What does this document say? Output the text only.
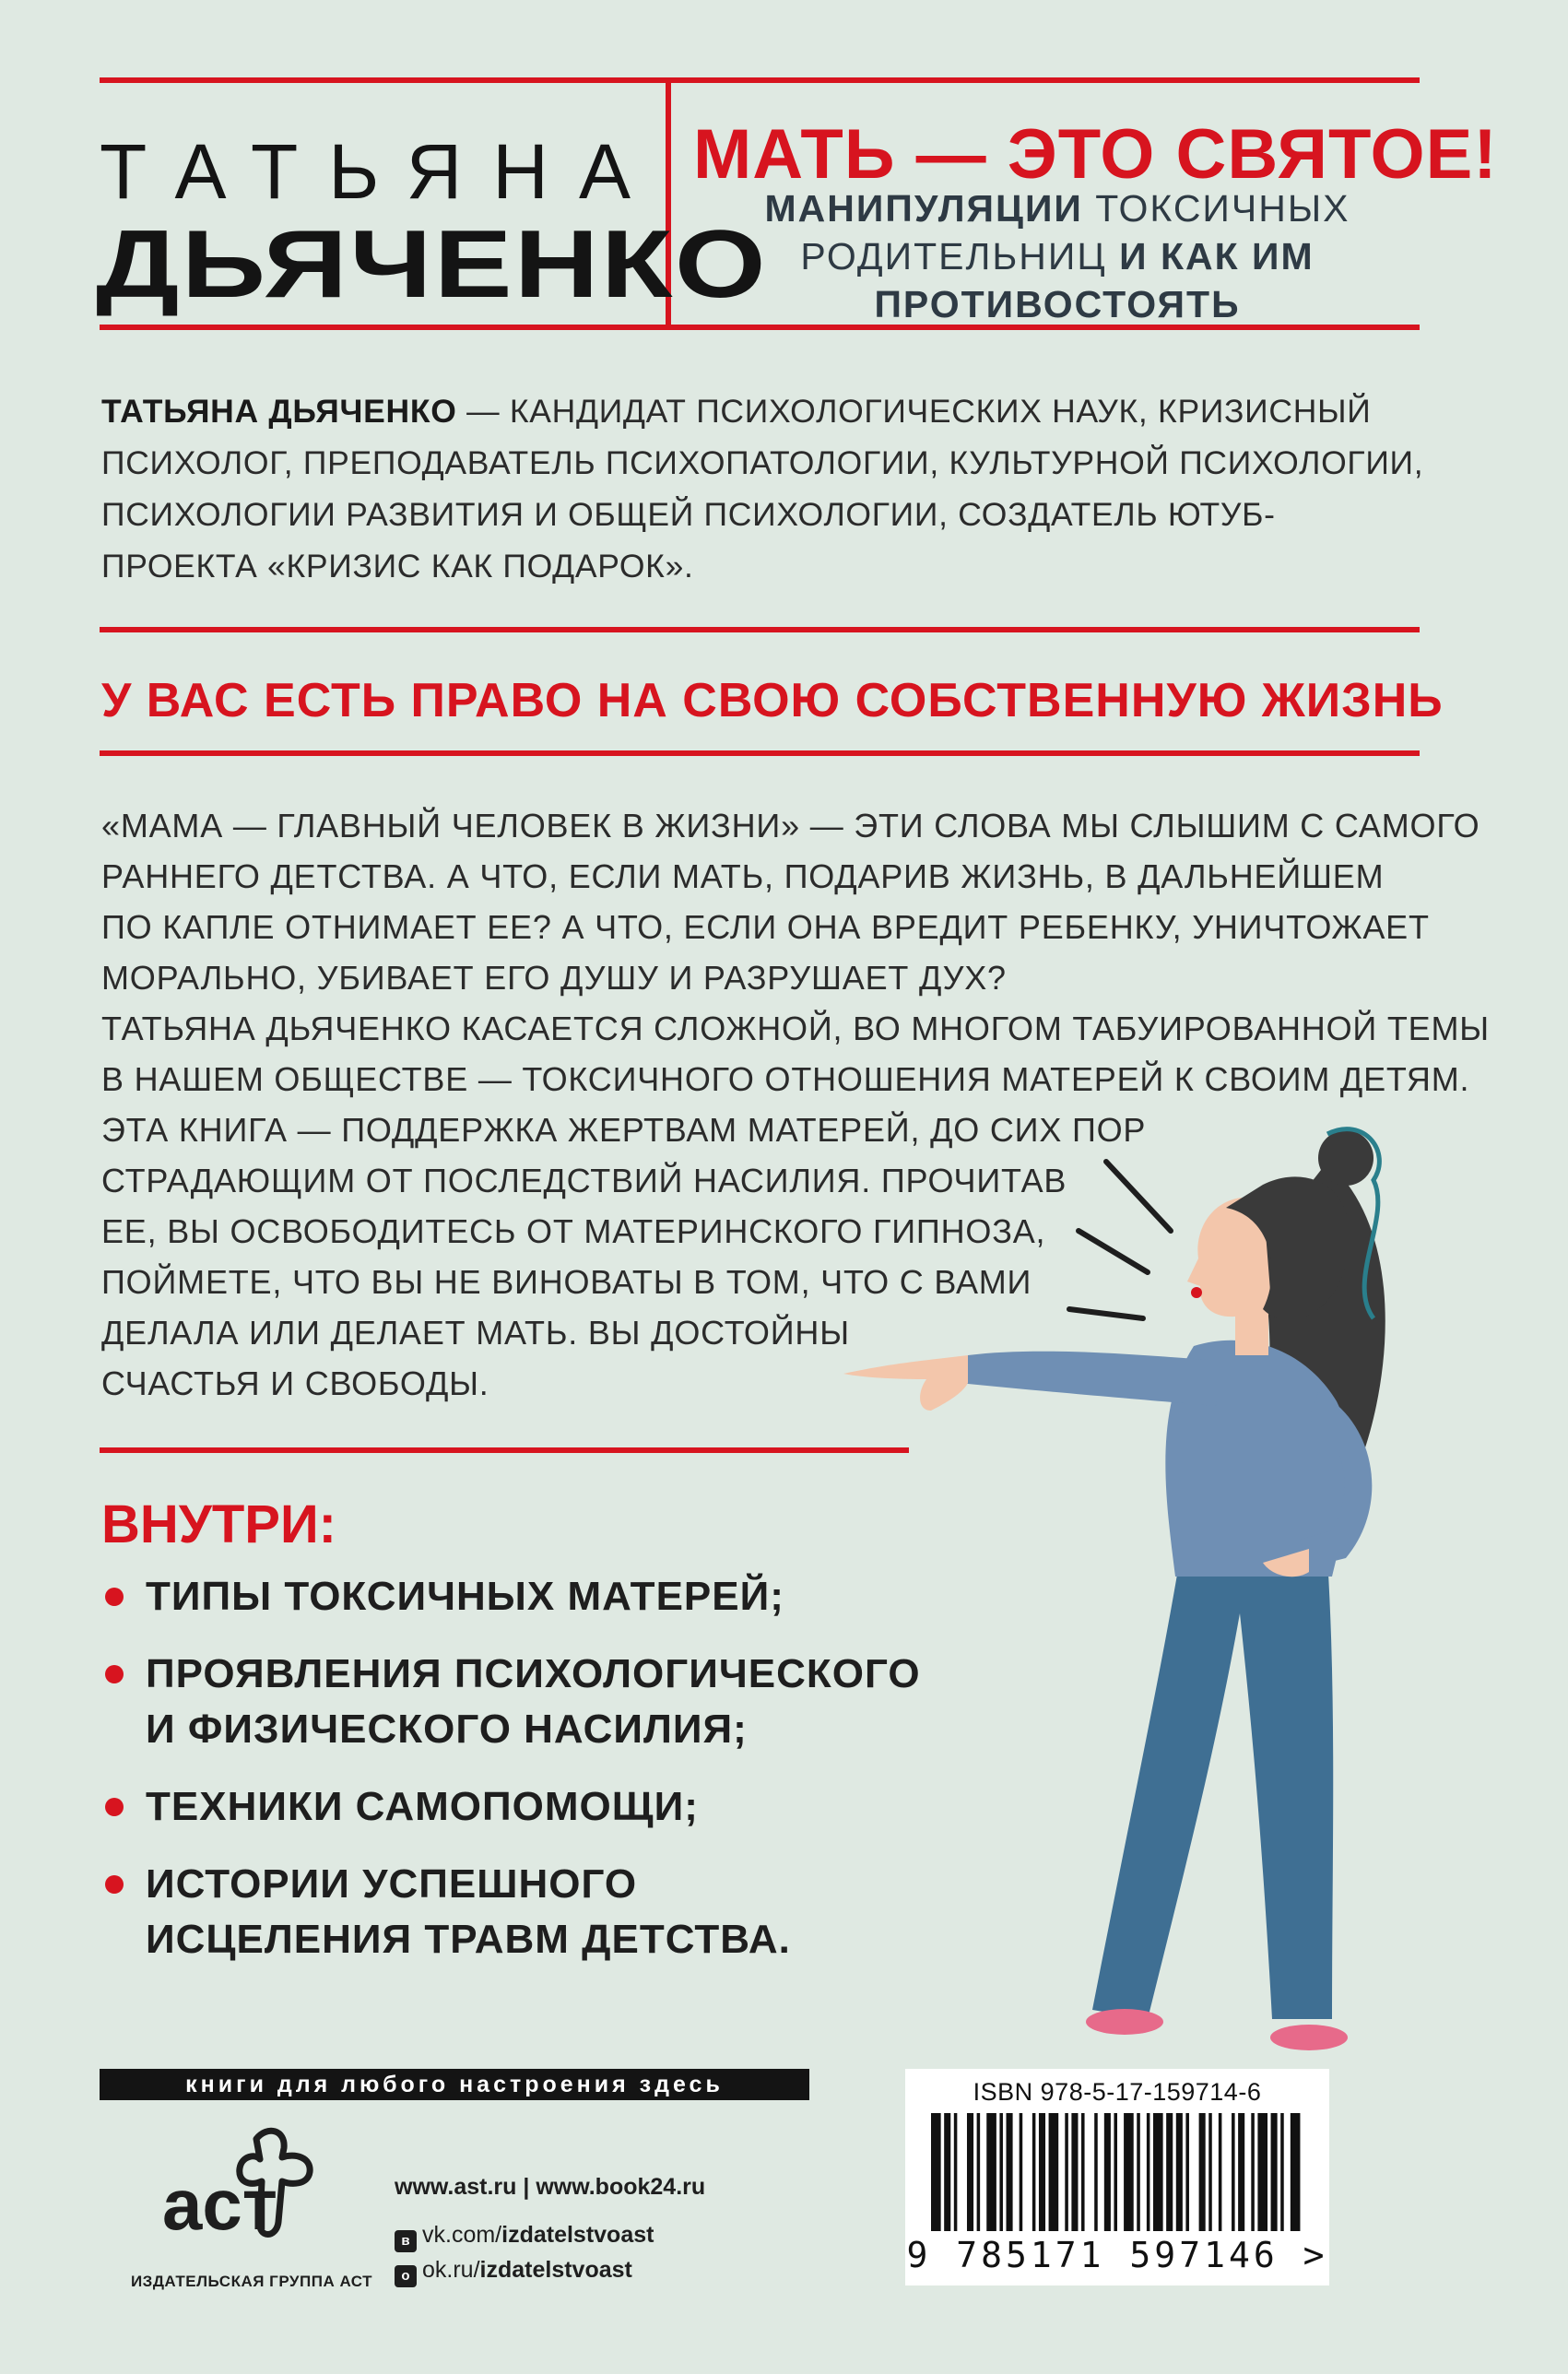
ТАТЬЯНА
ДЬЯЧЕНКО
МАТЬ — ЭТО СВЯТОЕ!
МАНИПУЛЯЦИИ ТОКСИЧНЫХ
РОДИТЕЛЬНИЦ И КАК ИМ
ПРОТИВОСТОЯТЬ
ТАТЬЯНА ДЬЯЧЕНКО — КАНДИДАТ ПСИХОЛОГИЧЕСКИХ НАУК, КРИЗИСНЫЙ ПСИХОЛОГ, ПРЕПОДАВАТЕЛЬ ПСИХОПАТОЛОГИИ, КУЛЬТУРНОЙ ПСИХОЛОГИИ, ПСИХОЛОГИИ РАЗВИТИЯ И ОБЩЕЙ ПСИХОЛОГИИ, СОЗДАТЕЛЬ ЮТУБ-ПРОЕКТА «КРИЗИС КАК ПОДАРОК».
У ВАС ЕСТЬ ПРАВО НА СВОЮ СОБСТВЕННУЮ ЖИЗНЬ
«МАМА — ГЛАВНЫЙ ЧЕЛОВЕК В ЖИЗНИ» — ЭТИ СЛОВА МЫ СЛЫШИМ С САМОГО
РАННЕГО ДЕТСТВА. А ЧТО, ЕСЛИ МАТЬ, ПОДАРИВ ЖИЗНЬ, В ДАЛЬНЕЙШЕМ
ПО КАПЛЕ ОТНИМАЕТ ЕЕ? А ЧТО, ЕСЛИ ОНА ВРЕДИТ РЕБЕНКУ, УНИЧТОЖАЕТ
МОРАЛЬНО, УБИВАЕТ ЕГО ДУШУ И РАЗРУШАЕТ ДУХ?
ТАТЬЯНА ДЬЯЧЕНКО КАСАЕТСЯ СЛОЖНОЙ, ВО МНОГОМ ТАБУИРОВАННОЙ ТЕМЫ
В НАШЕМ ОБЩЕСТВЕ — ТОКСИЧНОГО ОТНОШЕНИЯ МАТЕРЕЙ К СВОИМ ДЕТЯМ.
ЭТА КНИГА — ПОДДЕРЖКА ЖЕРТВАМ МАТЕРЕЙ, ДО СИХ ПОР
СТРАДАЮЩИМ ОТ ПОСЛЕДСТВИЙ НАСИЛИЯ. ПРОЧИТАВ
ЕЕ, ВЫ ОСВОБОДИТЕСЬ ОТ МАТЕРИНСКОГО ГИПНОЗА,
ПОЙМЕТЕ, ЧТО ВЫ НЕ ВИНОВАТЫ В ТОМ, ЧТО С ВАМИ
ДЕЛАЛА ИЛИ ДЕЛАЕТ МАТЬ. ВЫ ДОСТОЙНЫ
СЧАСТЬЯ И СВОБОДЫ.
ВНУТРИ:
ТИПЫ ТОКСИЧНЫХ МАТЕРЕЙ;
ПРОЯВЛЕНИЯ ПСИХОЛОГИЧЕСКОГО
И ФИЗИЧЕСКОГО НАСИЛИЯ;
ТЕХНИКИ САМОПОМОЩИ;
ИСТОРИИ УСПЕШНОГО
ИСЦЕЛЕНИЯ ТРАВМ ДЕТСТВА.
книги для любого настроения здесь
аст
ИЗДАТЕЛЬСКАЯ ГРУППА АСТ
www.ast.ru | www.book24.ru
в vk.com/izdatelstvoast
о ok.ru/izdatelstvoast
ISBN 978-5-17-159714-6
9 785171 597146 >
